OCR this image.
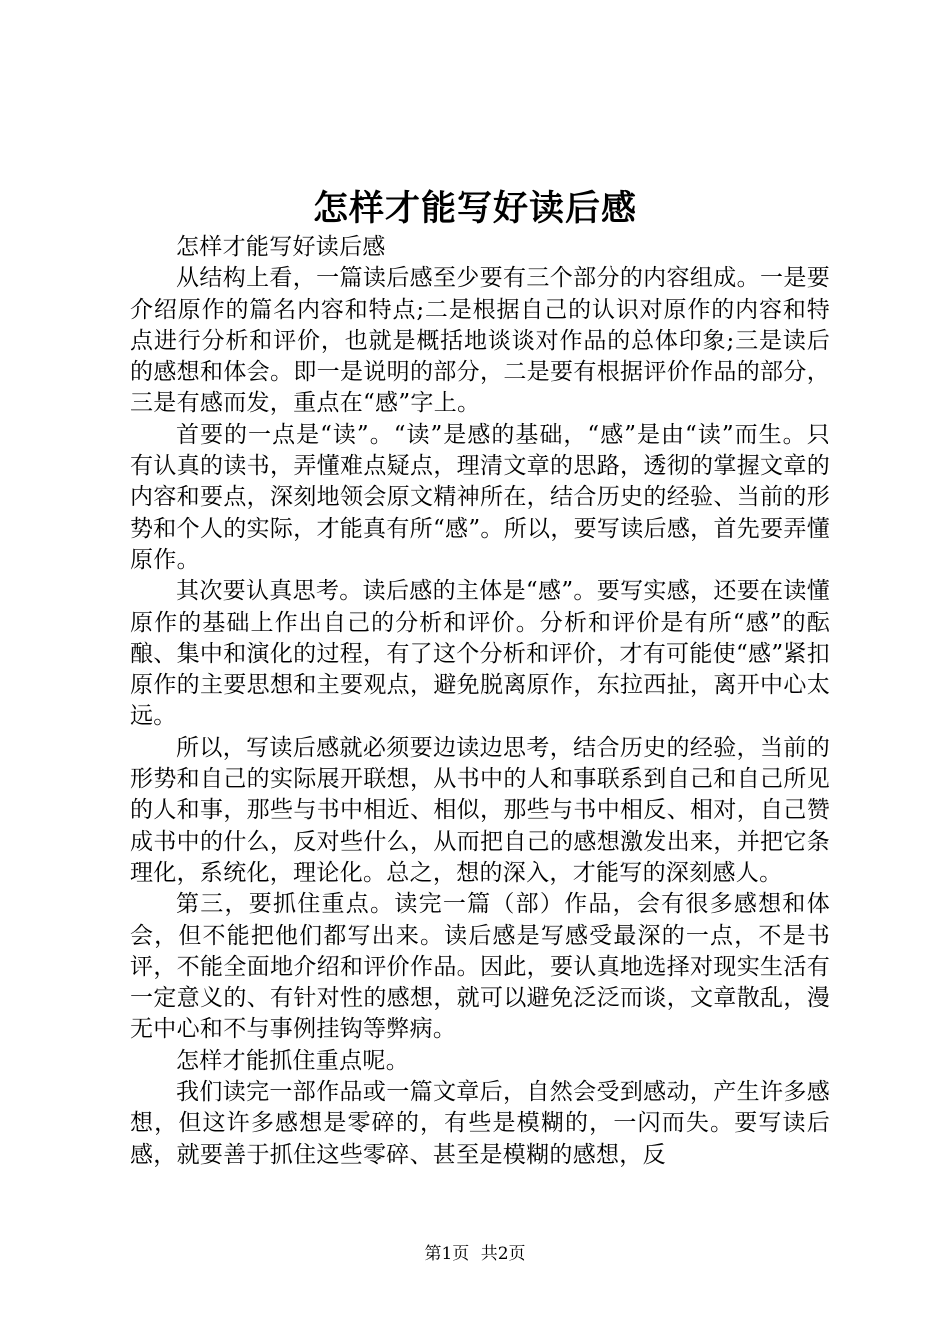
怎样才能写好读后感

怎样才能写好读后感

从结构上看，一篇读后感至少要有三个部分的内容组成。一是要介绍原作的篇名内容和特点;二是根据自己的认识对原作的内容和特点进行分析和评价，也就是概括地谈谈对作品的总体印象;三是读后的感想和体会。即一是说明的部分，二是要有根据评价作品的部分，三是有感而发，重点在“感”字上。

首要的一点是“读”。“读”是感的基础，“感”是由“读”而生。只有认真的读书，弄懂难点疑点，理清文章的思路，透彻的掌握文章的内容和要点，深刻地领会原文精神所在，结合历史的经验、当前的形势和个人的实际，才能真有所“感”。所以，要写读后感，首先要弄懂原作。

其次要认真思考。读后感的主体是“感”。要写实感，还要在读懂原作的基础上作出自己的分析和评价。分析和评价是有所“感”的酝酿、集中和演化的过程，有了这个分析和评价，才有可能使“感”紧扣原作的主要思想和主要观点，避免脱离原作，东拉西扯，离开中心太远。

所以，写读后感就必须要边读边思考，结合历史的经验，当前的形势和自己的实际展开联想，从书中的人和事联系到自己和自己所见的人和事，那些与书中相近、相似，那些与书中相反、相对，自己赞成书中的什么，反对些什么，从而把自己的感想激发出来，并把它条理化，系统化，理论化。总之，想的深入，才能写的深刻感人。

第三，要抓住重点。读完一篇（部）作品，会有很多感想和体会，但不能把他们都写出来。读后感是写感受最深的一点，不是书评，不能全面地介绍和评价作品。因此，要认真地选择对现实生活有一定意义的、有针对性的感想，就可以避免泛泛而谈，文章散乱，漫无中心和不与事例挂钩等弊病。

怎样才能抓住重点呢。

我们读完一部作品或一篇文章后，自然会受到感动，产生许多感想，但这许多感想是零碎的，有些是模糊的，一闪而失。要写读后感，就要善于抓住这些零碎、甚至是模糊的感想，反

第1页 共2页
